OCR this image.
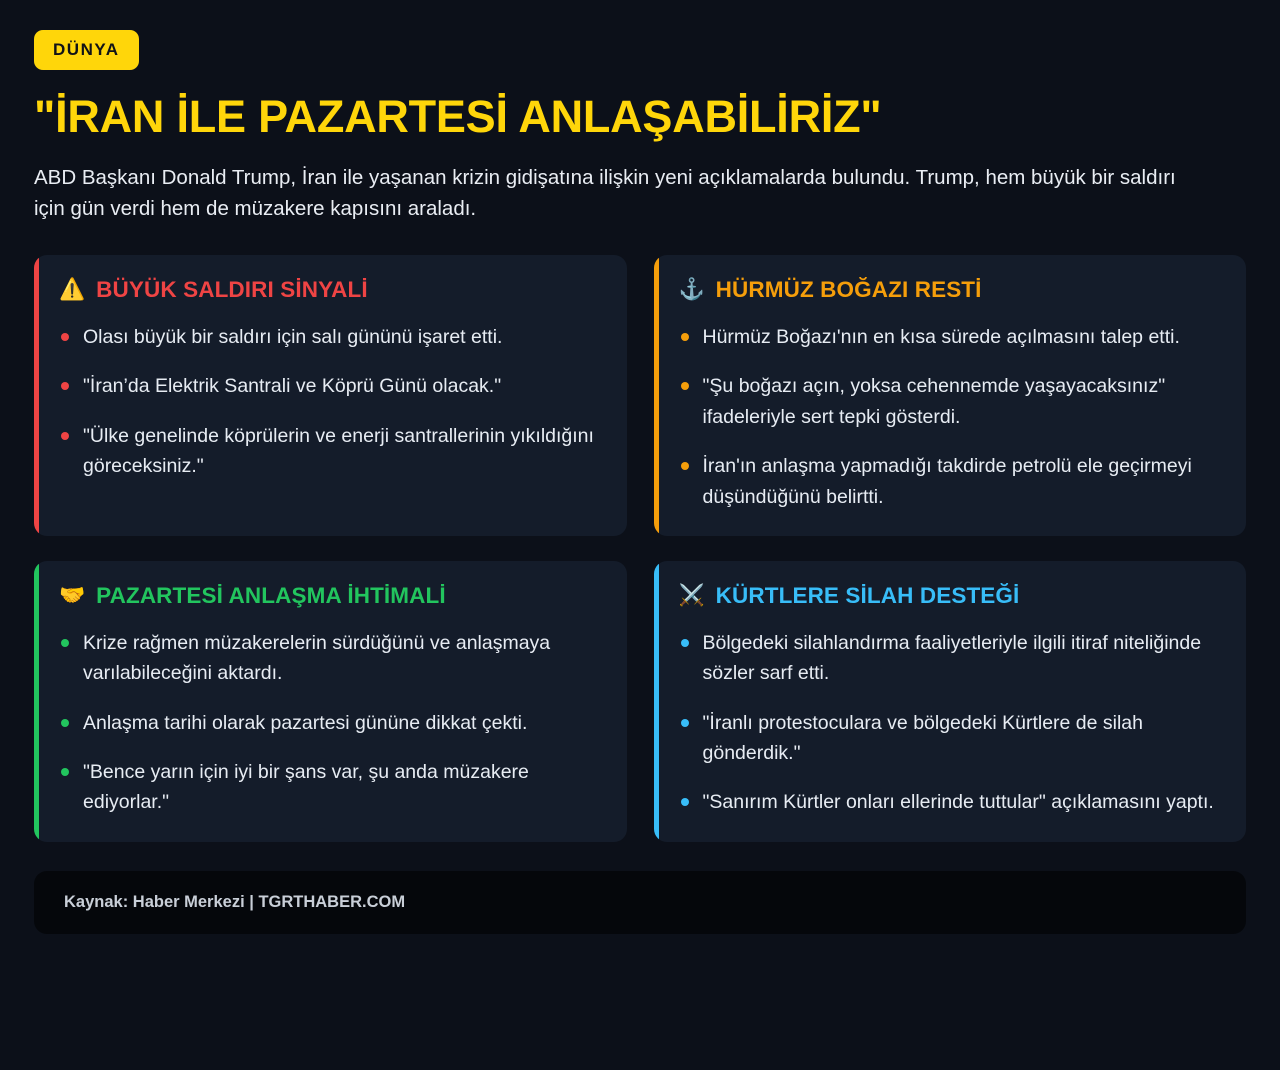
DÜNYA
"İRAN İLE PAZARTESİ ANLAŞABİLİRİZ"

ABD Başkanı Donald Trump, İran ile yaşanan krizin gidişatına ilişkin yeni açıklamalarda bulundu. Trump, hem büyük bir saldırı için gün verdi hem de müzakere kapısını araladı.

⚠️ BÜYÜK SALDIRI SİNYALİ
Olası büyük bir saldırı için salı gününü işaret etti.
"İran’da Elektrik Santrali ve Köprü Günü olacak."
"Ülke genelinde köprülerin ve enerji santrallerinin yıkıldığını göreceksiniz."
⚓ HÜRMÜZ BOĞAZI RESTİ
Hürmüz Boğazı'nın en kısa sürede açılmasını talep etti.
"Şu boğazı açın, yoksa cehennemde yaşayacaksınız" ifadeleriyle sert tepki gösterdi.
İran'ın anlaşma yapmadığı takdirde petrolü ele geçirmeyi düşündüğünü belirtti.
🤝 PAZARTESİ ANLAŞMA İHTİMALİ
Krize rağmen müzakerelerin sürdüğünü ve anlaşmaya varılabileceğini aktardı.
Anlaşma tarihi olarak pazartesi gününe dikkat çekti.
"Bence yarın için iyi bir şans var, şu anda müzakere ediyorlar."
⚔️ KÜRTLERE SİLAH DESTEĞİ
Bölgedeki silahlandırma faaliyetleriyle ilgili itiraf niteliğinde sözler sarf etti.
"İranlı protestoculara ve bölgedeki Kürtlere de silah gönderdik."
"Sanırım Kürtler onları ellerinde tuttular" açıklamasını yaptı.
Kaynak: Haber Merkezi | TGRTHABER.COM
